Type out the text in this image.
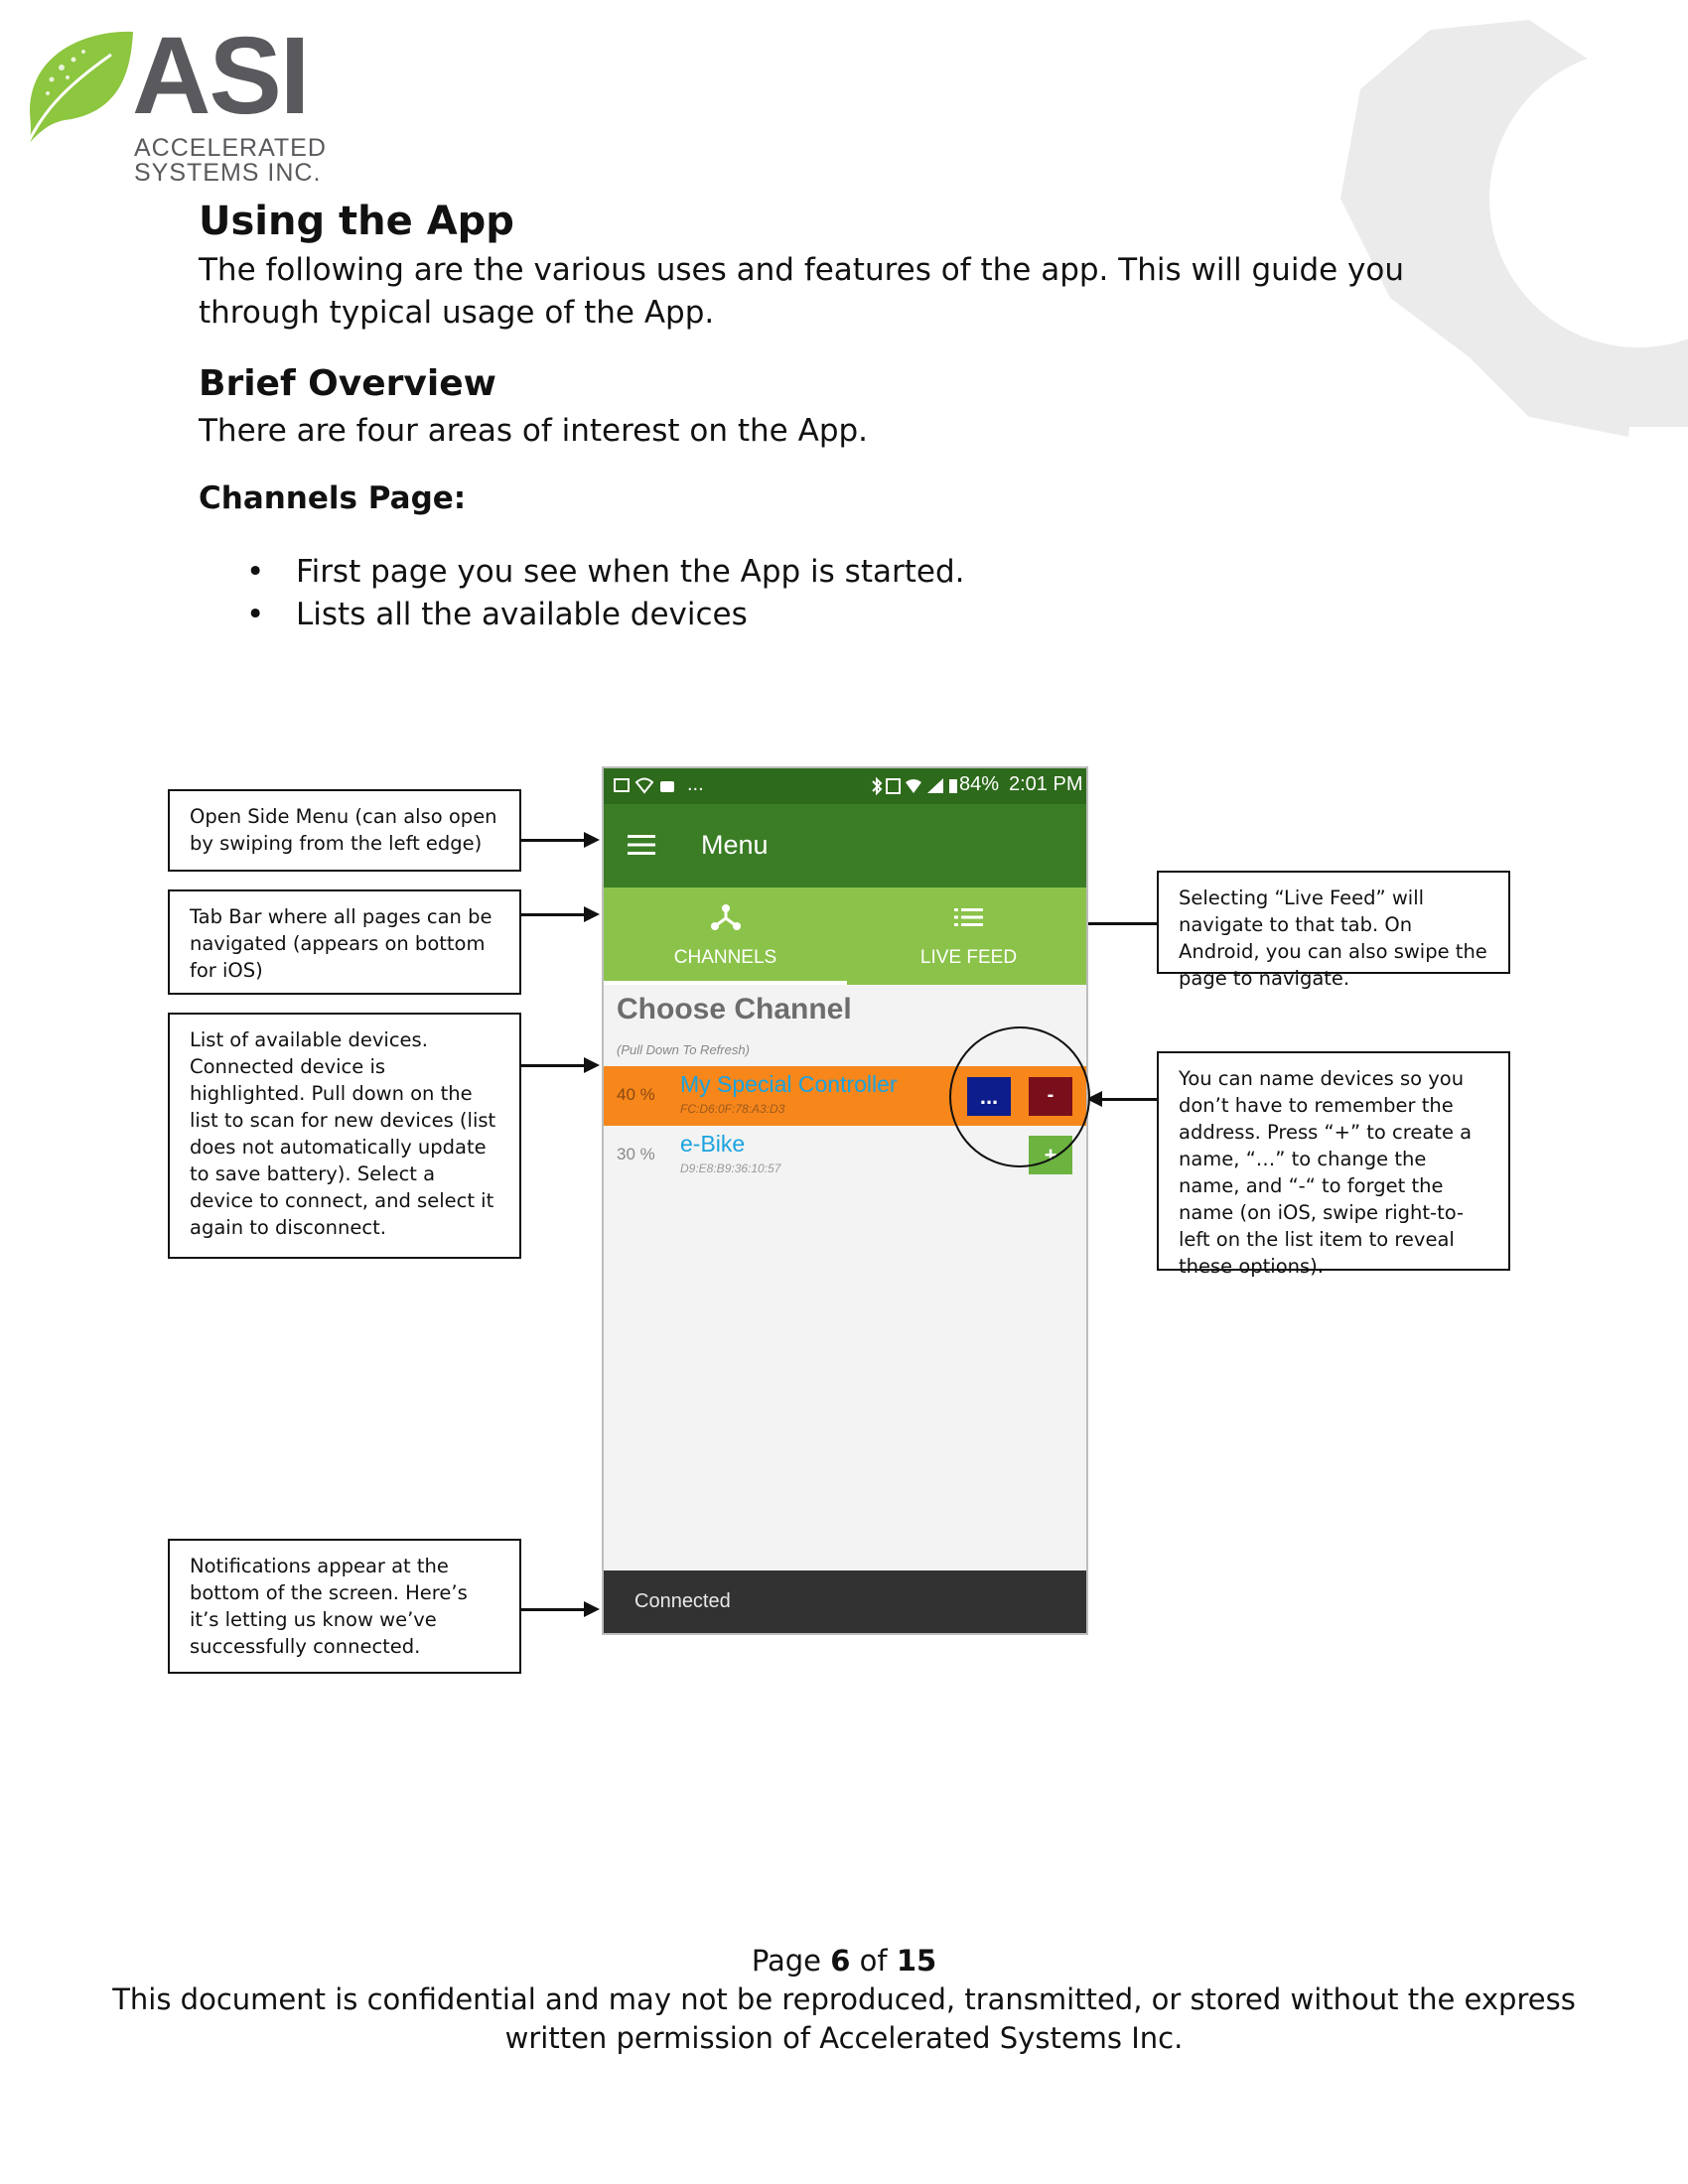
ASI
ACCELERATED
SYSTEMS INC.
Using the App
The following are the various uses and features of the app. This will guide you through typical usage of the App.
Brief Overview
There are four areas of interest on the App.
Channels Page:
• First page you see when the App is started.
• Lists all the available devices
Open Side Menu (can also open by swiping from the left edge)
Tab Bar where all pages can be navigated (appears on bottom for iOS)
List of available devices. Connected device is highlighted. Pull down on the list to scan for new devices (list does not automatically update to save battery). Select a device to connect, and select it again to disconnect.
Notifications appear at the bottom of the screen. Here’s it’s letting us know we’ve successfully connected.
Selecting “Live Feed” will navigate to that tab. On Android, you can also swipe the page to navigate.
You can name devices so you don’t have to remember the address. Press “+” to create a name, “…” to change the name, and “-“ to forget the name (on iOS, swipe right-to-left on the list item to reveal these options).
...	84% 2:01 PM
Menu
CHANNELS	LIVE FEED
Choose Channel
(Pull Down To Refresh)
40 % My Special Controller
FC:D6:0F:78:A3:D3	...	-
30 % e-Bike
D9:E8:B9:36:10:57
+
Connected
Page 6 of 15
This document is confidential and may not be reproduced, transmitted, or stored without the express
written permission of Accelerated Systems Inc.
